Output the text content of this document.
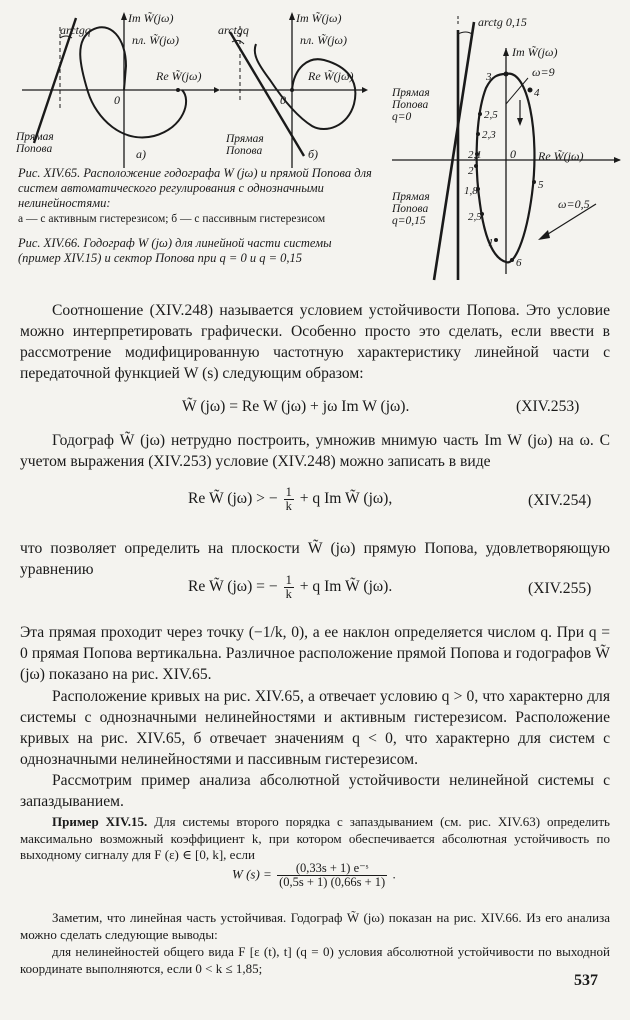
arctgq
Im W̃(jω)
пл. W̃(jω)
Re W̃(jω)
0
Прямая Попова	а)
arctgq
Im W̃(jω)
пл. W̃(jω)
Re W̃(jω)
0
Прямая Попова	б)
arctg 0,15
Im W̃(jω)
Re W̃(jω)
0
ω=9
ω=0,5
Прямая Попова q=0
Прямая Попова q=0,15
3
4
2,5
2,3
2,1
2
1,8
2,5
5
1
6
Рис. XIV.65. Расположение годографа W (jω) и прямой Попова для систем автоматического регулирования с однозначными нелинейностями:
а — с активным гистерезисом; б — с пассивным гистерезисом
Рис. XIV.66. Годограф W (jω) для линейной части системы (пример XIV.15) и сектор Попова при q = 0 и q = 0,15
Соотношение (XIV.248) называется условием устойчивости Попова. Это условие можно интерпретировать графически. Особенно просто это сделать, если ввести в рассмотрение модифицированную частотную характеристику линейной части с передаточной функцией W (s) следующим образом:
W̃ (jω) = Re W (jω) + jω Im W (jω).	(XIV.253)
Годограф W̃ (jω) нетрудно построить, умножив мнимую часть Im W (jω) на ω. С учетом выражения (XIV.253) условие (XIV.248) можно записать в виде
Re W̃ (jω) > − $\frac{1}{k} + q$ Im W̃ (jω),	(XIV.254)
что позволяет определить на плоскости W̃ (jω) прямую Попова, удовлетворяющую уравнению
Re W̃ (jω) = − $\frac{1}{k} + q$ Im W̃ (jω).	(XIV.255)
Эта прямая проходит через точку (−1/k, 0), а ее наклон определяется числом q. При q = 0 прямая Попова вертикальна. Различное расположение прямой Попова и годографов W̃ (jω) показано на рис. XIV.65.
Расположение кривых на рис. XIV.65, а отвечает условию q > 0, что характерно для системы с однозначными нелинейностями и активным гистерезисом. Расположение кривых на рис. XIV.65, б отвечает значениям q < 0, что характерно для систем с однозначными нелинейностями и пассивным гистерезисом.
Рассмотрим пример анализа абсолютной устойчивости нелинейной системы с запаздыванием.
Пример XIV.15. Для системы второго порядка с запаздыванием (см. рис. XIV.63) определить максимально возможный коэффициент k, при котором обеспечивается абсолютная устойчивость по выходному сигналу для F (ε) ∈ [0, k], если
W $(s) = \frac{\text{(0,33s + 1) e⁻ˢ}}{(0,5s + 1) (0,66s + 1)}$ .
Заметим, что линейная часть устойчивая. Годограф W̃ (jω) показан на рис. XIV.66. Из его анализа можно сделать следующие выводы:
для нелинейностей общего вида F [ε (t), t] (q = 0) условия абсолютной устойчивости по выходной координате выполняются, если 0 < k ≤ 1,85;
537
